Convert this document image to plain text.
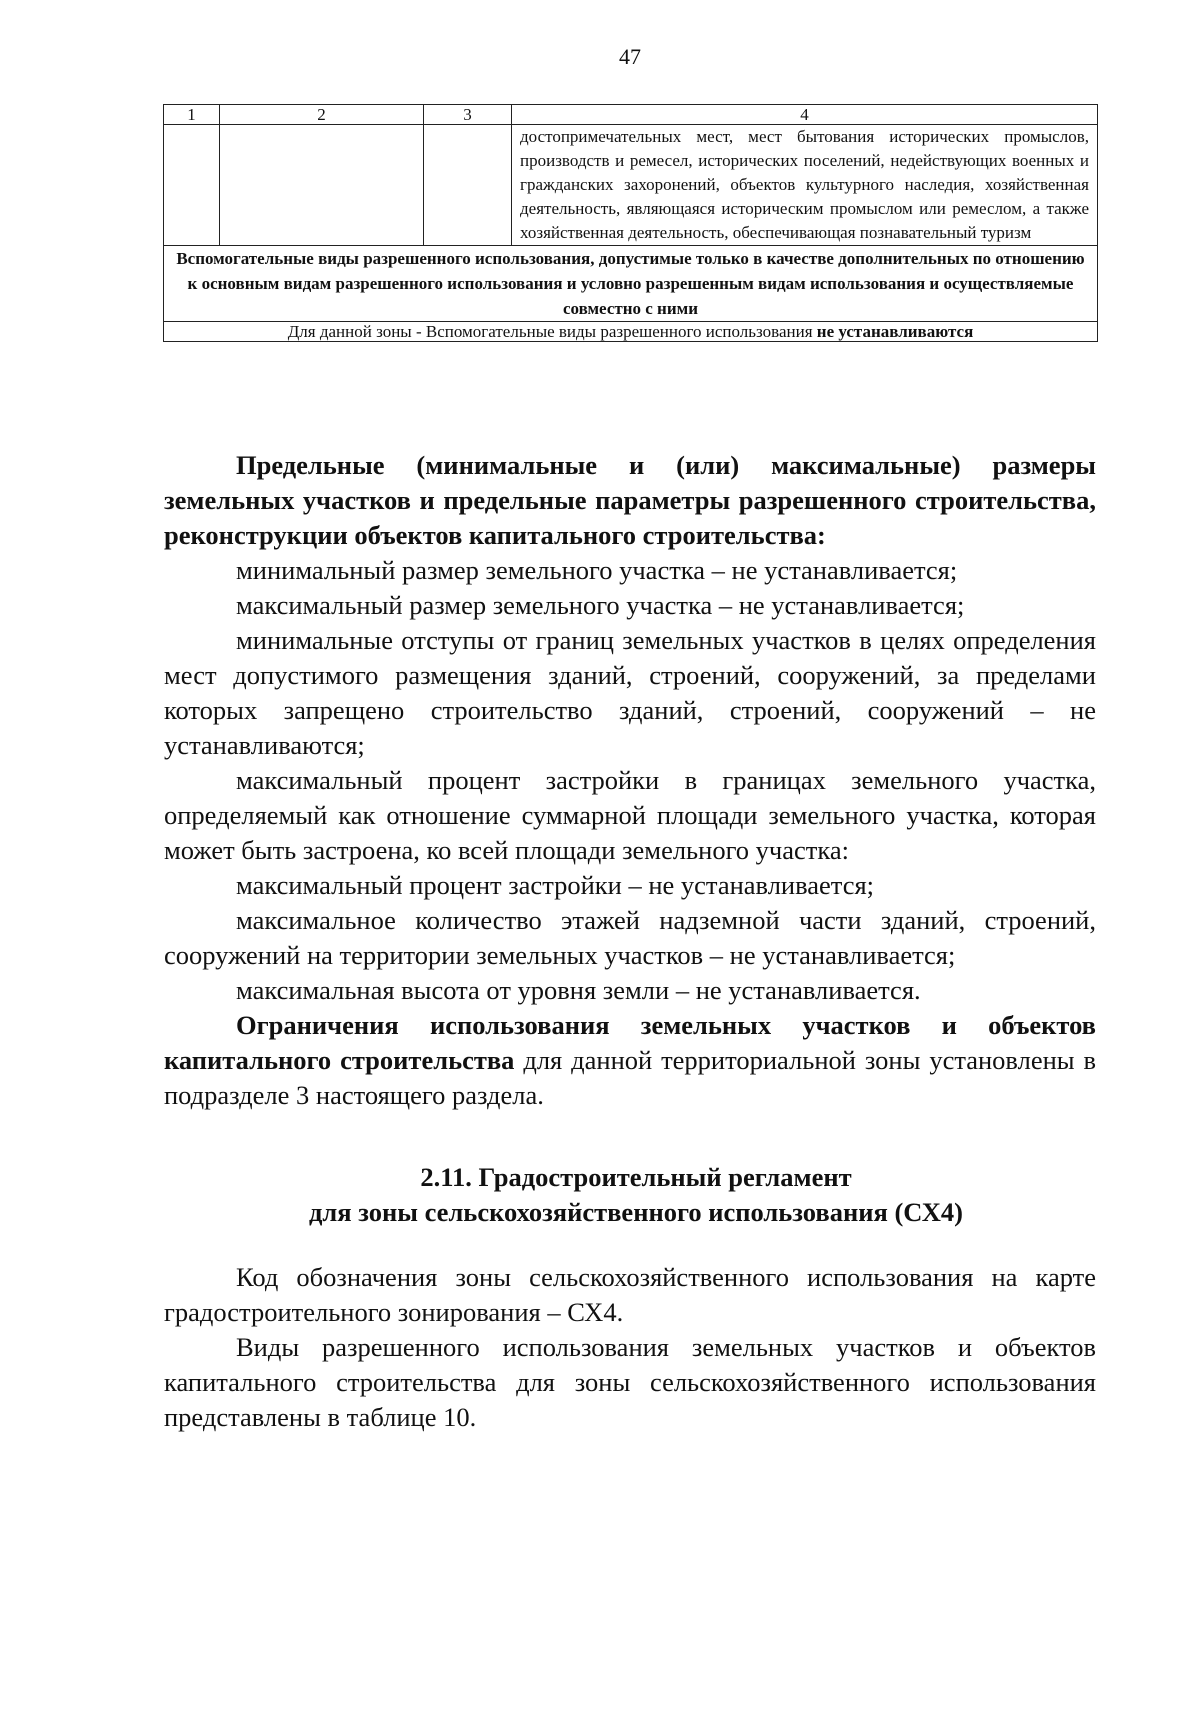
47
1	2	3	4
			достопримечательных мест, мест бытования исторических промыслов, производств и ремесел, исторических поселений, недействующих военных и гражданских захоронений, объектов культурного наследия, хозяйственная деятельность, являющаяся историческим промыслом или ремеслом, а также хозяйственная деятельность, обеспечивающая познавательный туризм
Вспомогательные виды разрешенного использования, допустимые только в качестве дополнительных по отношению к основным видам разрешенного использования и условно разрешенным видам использования и осуществляемые совместно с ними			
Для данной зоны - Вспомогательные виды разрешенного использования не устанавливаются			

Предельные (минимальные и (или) максимальные) размеры земельных участков и предельные параметры разрешенного строительства, реконструкции объектов капитального строительства:

минимальный размер земельного участка – не устанавливается;

максимальный размер земельного участка – не устанавливается;

минимальные отступы от границ земельных участков в целях определения мест допустимого размещения зданий, строений, сооружений, за пределами которых запрещено строительство зданий, строений, сооружений – не устанавливаются;

максимальный процент застройки в границах земельного участка, определяемый как отношение суммарной площади земельного участка, которая может быть застроена, ко всей площади земельного участка:

максимальный процент застройки – не устанавливается;

максимальное количество этажей надземной части зданий, строений, сооружений на территории земельных участков – не устанавливается;

максимальная высота от уровня земли – не устанавливается.

Ограничения использования земельных участков и объектов капитального строительства для данной территориальной зоны установлены в подразделе 3 настоящего раздела.

2.11. Градостроительный регламент

для зоны сельскохозяйственного использования (СХ4)

Код обозначения зоны сельскохозяйственного использования на карте градостроительного зонирования – СХ4.

Виды разрешенного использования земельных участков и объектов капитального строительства для зоны сельскохозяйственного использования представлены в таблице 10.
